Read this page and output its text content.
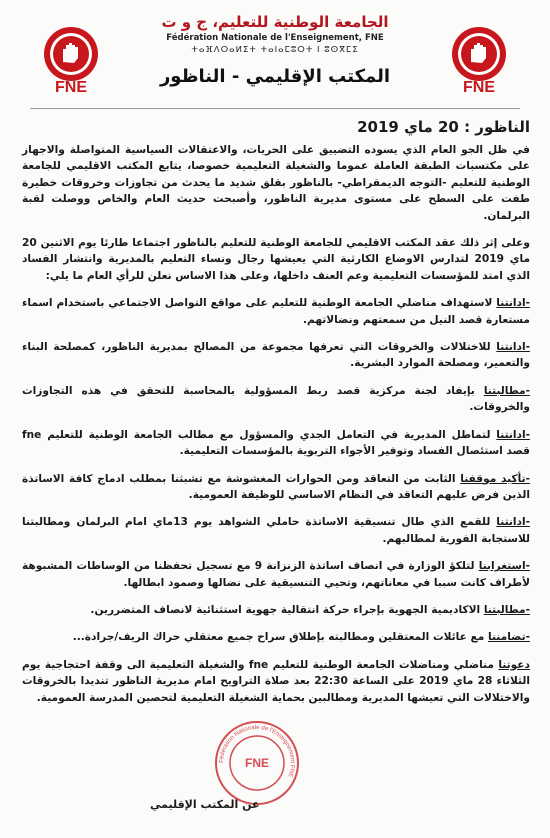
FNE	FNE
الجامعة الوطنية للتعليم، ج و ت
Fédération Nationale de l'Enseignement, FNE
ⵜⴰⴼⴷⵔⴰⵍⵉⵜ ⵜⴰⵏⴰⵎⵓⵔⵜ ⵏ ⵓⵙⴳⵎⵉ
المكتب الإقليمي - الناظور
الناظور : 20 ماي 2019
في ظل الجو العام الذي يسوده التضييق على الحريات، والاعتقالات السياسية المتواصلة والاجهاز على مكتسبات الطبقة العاملة عموما والشغيلة التعليمية خصوصا، يتابع المكتب الاقليمي للجامعة الوطنية للتعليم -التوجه الديمقراطي- بالناظور بقلق شديد ما يحدث من تجاوزات وخروقات خطيرة طفت على السطح على مستوى مديرية الناظور، وأصبحت حديث العام والخاص ووصلت لقبة البرلمان.
وعلى إثر ذلك عقد المكتب الاقليمي للجامعة الوطنية للتعليم بالناظور اجتماعا طارئا يوم الاثنين 20 ماي 2019 لتدارس الاوضاع الكارثية التي يعيشها رجال ونساء التعليم بالمديرية وانتشار الفساد الذي امتد للمؤسسات التعليمية وعم العنف داخلها، وعلى هذا الاساس نعلن للرأي العام ما يلي:
-ادانتنا لاستهداف مناضلي الجامعة الوطنية للتعليم على مواقع التواصل الاجتماعي باستخدام اسماء مستعارة قصد النيل من سمعتهم ونضالاتهم.
-ادانتنا للاختلالات والخروقات التي تعرفها مجموعة من المصالح بمديرية الناظور، كمصلحة البناء والتعمير، ومصلحة الموارد البشرية.
-مطالبتنا بإيفاد لجنة مركزية قصد ربط المسؤولية بالمحاسبة للتحقق في هذه التجاوزات والخروقات.
-ادانتنا لتماطل المديرية في التعامل الجدي والمسؤول مع مطالب الجامعة الوطنية للتعليم fne قصد استئصال الفساد وتوفير الأجواء التربوية بالمؤسسات التعليمية.
-تأكيد موقفنا الثابت من التعاقد ومن الحوارات المغشوشة مع تشبثنا بمطلب ادماج كافة الاساتذة الذين فرض عليهم التعاقد في النظام الاساسي للوظيفة العمومية.
-ادانتنا للقمع الذي طال تنسيقية الاساتذة حاملي الشواهد يوم 13ماي امام البرلمان ومطالبتنا للاستجابة الفورية لمطالبهم.
-استغرابنا لتلكؤ الوزارة في انصاف اساتذة الزنزانة 9 مع تسجيل تحفظنا من الوساطات المشبوهة لأطراف كانت سببا في معاناتهم، وتحيي التنسيقية على نضالها وصمود ابطالها.
-مطالبتنا الاكاديمية الجهوية بإجراء حركة انتقالية جهوية استثنائية لانصاف المتضررين.
-تضامننا مع عائلات المعتقلين ومطالبته بإطلاق سراح جميع معتقلي حراك الريف/جرادة...
دعوتنا مناضلي ومناضلات الجامعة الوطنية للتعليم fne والشغيلة التعليمية الى وقفة احتجاجية يوم الثلاثاء 28 ماي 2019 على الساعة 22:30 بعد صلاة التراويح امام مديرية الناظور تنديدا بالخروقات والاختلالات التي تعيشها المديرية ومطالبين بحماية الشغيلة التعليمية لتحصين المدرسة العمومية.
Fédération Nationale de l'Enseignement FNE
FNE
عن المكتب الإقليمي
